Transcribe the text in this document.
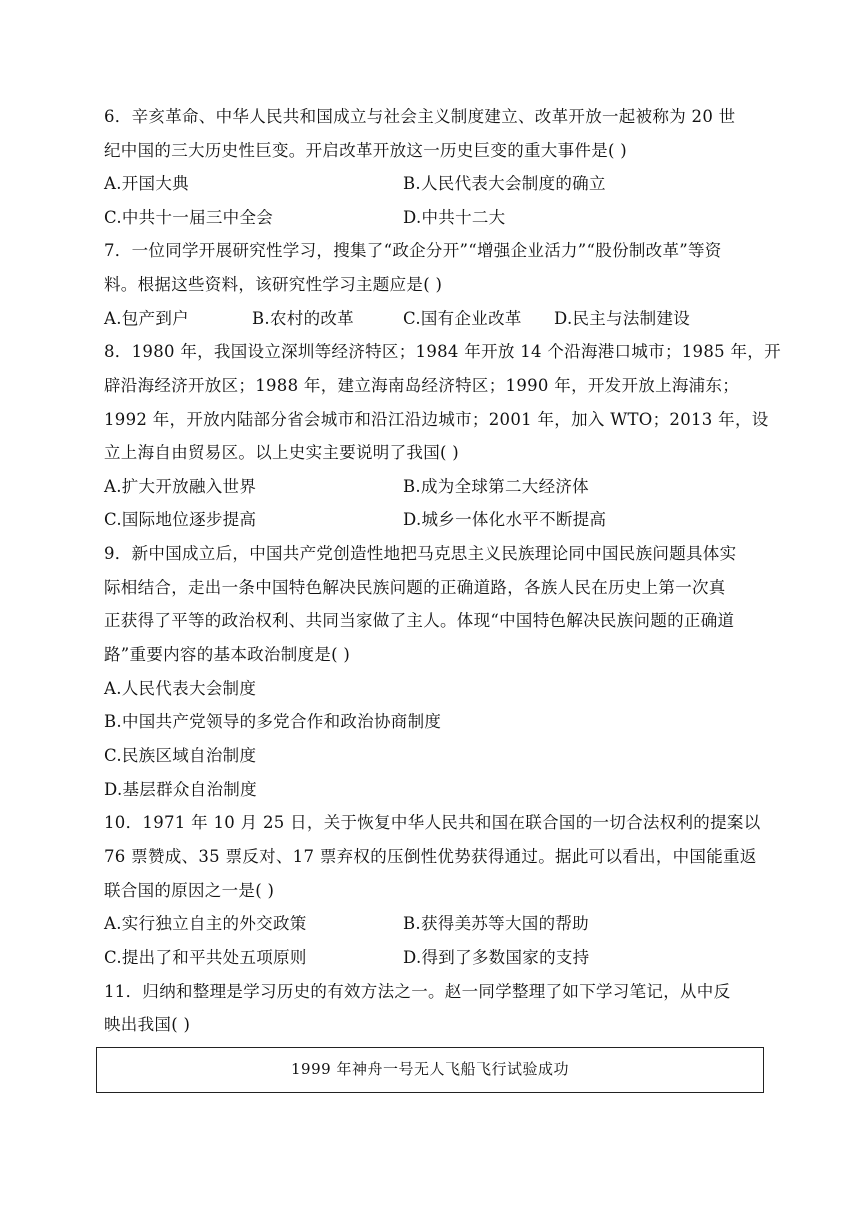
6．辛亥革命、中华人民共和国成立与社会主义制度建立、改革开放一起被称为 20 世
纪中国的三大历史性巨变。开启改革开放这一历史巨变的重大事件是( )
A.开国大典	B.人民代表大会制度的确立
C.中共十一届三中全会	D.中共十二大
7．一位同学开展研究性学习，搜集了“政企分开”“增强企业活力”“股份制改革”等资
料。根据这些资料，该研究性学习主题应是( )
A.包产到户	B.农村的改革	C.国有企业改革 D.民主与法制建设
8．1980 年，我国设立深圳等经济特区；1984 年开放 14 个沿海港口城市；1985 年，开
辟沿海经济开放区；1988 年，建立海南岛经济特区；1990 年，开发开放上海浦东；
1992 年，开放内陆部分省会城市和沿江沿边城市；2001 年，加入 WTO；2013 年，设
立上海自由贸易区。以上史实主要说明了我国( )
A.扩大开放融入世界	B.成为全球第二大经济体
C.国际地位逐步提高	D.城乡一体化水平不断提高
9．新中国成立后，中国共产党创造性地把马克思主义民族理论同中国民族问题具体实
际相结合，走出一条中国特色解决民族问题的正确道路，各族人民在历史上第一次真
正获得了平等的政治权利、共同当家做了主人。体现“中国特色解决民族问题的正确道
路”重要内容的基本政治制度是( )
A.人民代表大会制度
B.中国共产党领导的多党合作和政治协商制度
C.民族区域自治制度
D.基层群众自治制度
10．1971 年 10 月 25 日，关于恢复中华人民共和国在联合国的一切合法权利的提案以
76 票赞成、35 票反对、17 票弃权的压倒性优势获得通过。据此可以看出，中国能重返
联合国的原因之一是( )
A.实行独立自主的外交政策	B.获得美苏等大国的帮助
C.提出了和平共处五项原则	D.得到了多数国家的支持
11．归纳和整理是学习历史的有效方法之一。赵一同学整理了如下学习笔记，从中反
映出我国( )
1999 年神舟一号无人飞船飞行试验成功
